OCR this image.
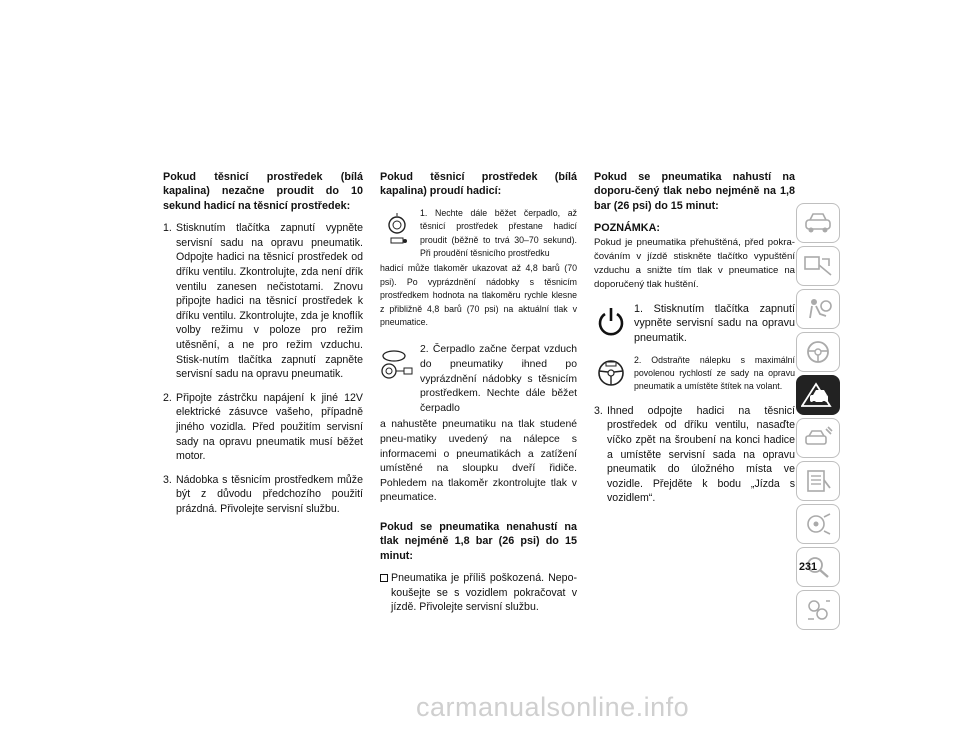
Pokud těsnicí prostředek (bílá kapalina) nezačne proudit do 10 sekund hadicí na těsnicí prostředek:

1. Stisknutím tlačítka zapnutí vypněte servisní sadu na opravu pneumatik. Odpojte hadici na těsnicí prostředek od dříku ventilu. Zkontrolujte, zda není dřík ventilu zanesen nečistotami. Znovu připojte hadici na těsnicí prostředek k dříku ventilu. Zkontrolujte, zda je knoflík volby režimu v poloze pro režim utěsnění, a ne pro režim vzduchu. Stisk-nutím tlačítka zapnutí zapněte servisní sadu na opravu pneumatik.
2. Připojte zástrčku napájení k jiné 12V elektrické zásuvce vašeho, případně jiného vozidla. Před použitím servisní sady na opravu pneumatik musí běžet motor.
3. Nádobka s těsnicím prostředkem může být z důvodu předchozího použití prázdná. Přivolejte servisní službu.

Pokud těsnicí prostředek (bílá kapalina) proudí hadicí:

1. Nechte dále běžet čerpadlo, až těsnicí prostředek přestane hadicí proudit (běžně to trvá 30–70 sekund). Při proudění těsnicího prostředku
hadicí může tlakoměr ukazovat až 4,8 barů (70 psi). Po vyprázdnění nádobky s těsnicím prostředkem hodnota na tlakoměru rychle klesne z přibližně 4,8 barů (70 psi) na aktuální tlak v pneumatice.
2. Čerpadlo začne čerpat vzduch do pneumatiky ihned po vyprázdnění nádobky s těsnicím prostředkem. Nechte dále běžet čerpadlo
a nahustěte pneumatiku na tlak studené pneu-matiky uvedený na nálepce s informacemi o pneumatikách a zatížení umístěné na sloupku dveří řidiče. Pohledem na tlakoměr zkontrolujte tlak v pneumatice.

Pokud se pneumatika nenahustí na tlak nejméně 1,8 bar (26 psi) do 15 minut:

Pneumatika je příliš poškozená. Nepo-koušejte se s vozidlem pokračovat v jízdě. Přivolejte servisní službu.

Pokud se pneumatika nahustí na doporu-čený tlak nebo nejméně na 1,8 bar (26 psi) do 15 minut:

POZNÁMKA:

Pokud je pneumatika přehuštěná, před pokra-čováním v jízdě stiskněte tlačítko vypuštění vzduchu a snižte tím tlak v pneumatice na doporučený tlak huštění.

1. Stisknutím tlačítka zapnutí vypněte servisní sadu na opravu pneumatik.
2. Odstraňte nálepku s maximální povolenou rychlostí ze sady na opravu pneumatik a umístěte štítek na volant.
3. Ihned odpojte hadici na těsnicí prostředek od dříku ventilu, nasaďte víčko zpět na šroubení na konci hadice a umístěte servisní sada na opravu pneumatik do úložného místa ve vozidle. Přejděte k bodu „Jízda s vozidlem“.
231
carmanualsonline.info
